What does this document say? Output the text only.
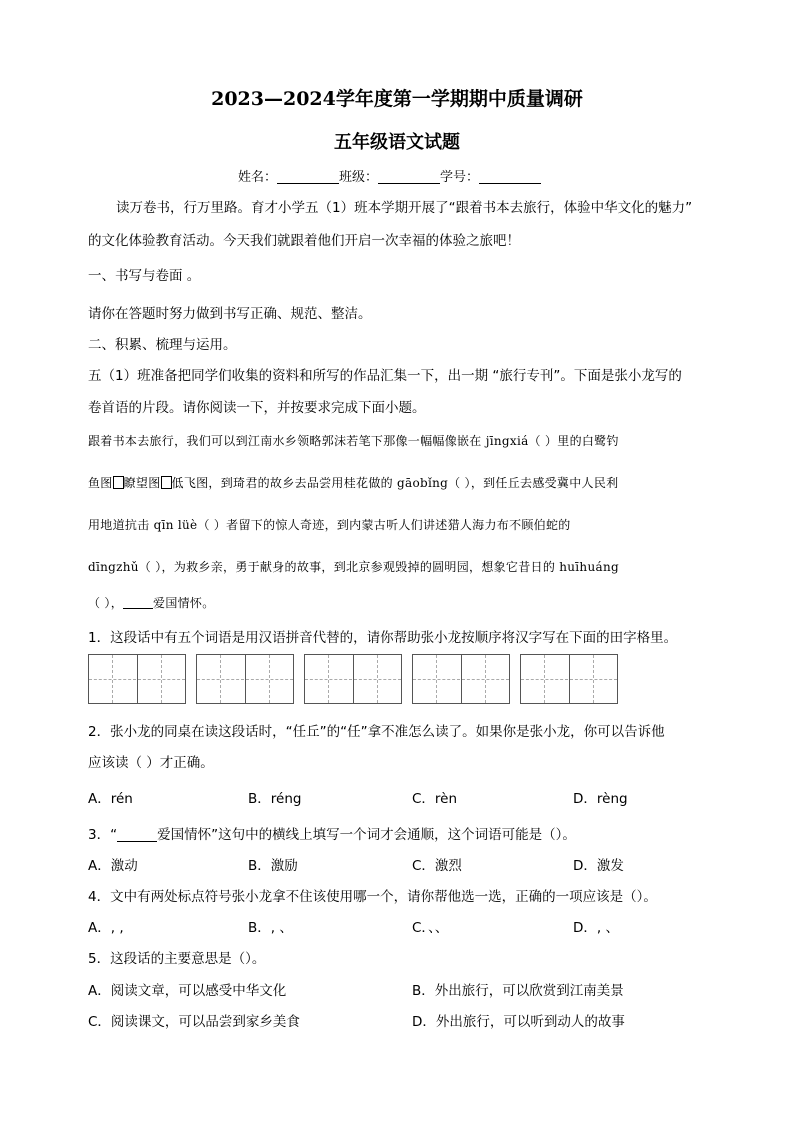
2023—2024学年度第一学期期中质量调研
五年级语文试题
姓名：	班级：	学号：
读万卷书，行万里路。育才小学五（1）班本学期开展了“跟着书本去旅行，体验中华文化的魅力”
的文化体验教育活动。今天我们就跟着他们开启一次幸福的体验之旅吧！
一、书写与卷面 。
请你在答题时努力做到书写正确、规范、整洁。
二、积累、梳理与运用。
五（1）班准备把同学们收集的资料和所写的作品汇集一下，出一期 “旅行专刊”。下面是张小龙写的
卷首语的片段。请你阅读一下，并按要求完成下面小题。
跟着书本去旅行，我们可以到江南水乡领略郭沫若笔下那像一幅幅像嵌在 jīngxiá（ ）里的白鹭钓
鱼图 瞭望图 低飞图，到琦君的故乡去品尝用桂花做的 gāobǐng（ ），到任丘去感受冀中人民利
用地道抗击 qīn lüè（ ）者留下的惊人奇迹，到内蒙古听人们讲述猎人海力布不顾伯蛇的
dīngzhǔ（ ），为救乡亲，勇于献身的故事，到北京参观毁掉的圆明园，想象它昔日的 huīhuáng
（ ），	爱国情怀。
1．这段话中有五个词语是用汉语拼音代替的，请你帮助张小龙按顺序将汉字写在下面的田字格里。
2．张小龙的同桌在读这段话时，“任丘”的“任”拿不准怎么读了。如果你是张小龙，你可以告诉他
应该读（ ）才正确。
A．rén	B．réng	C．rèn	D．rèng
3．“	爱国情怀”这句中的横线上填写一个词才会通顺，这个词语可能是（）。
A．激动	B．激励	C．激烈	D．激发
4．文中有两处标点符号张小龙拿不住该使用哪一个，请你帮他选一选，正确的一项应该是（）。
A．, ,	B．, 、	C．、、	D．, 、
5．这段话的主要意思是（）。
A．阅读文章，可以感受中华文化	B．外出旅行，可以欣赏到江南美景
C．阅读课文，可以品尝到家乡美食	D．外出旅行，可以听到动人的故事
